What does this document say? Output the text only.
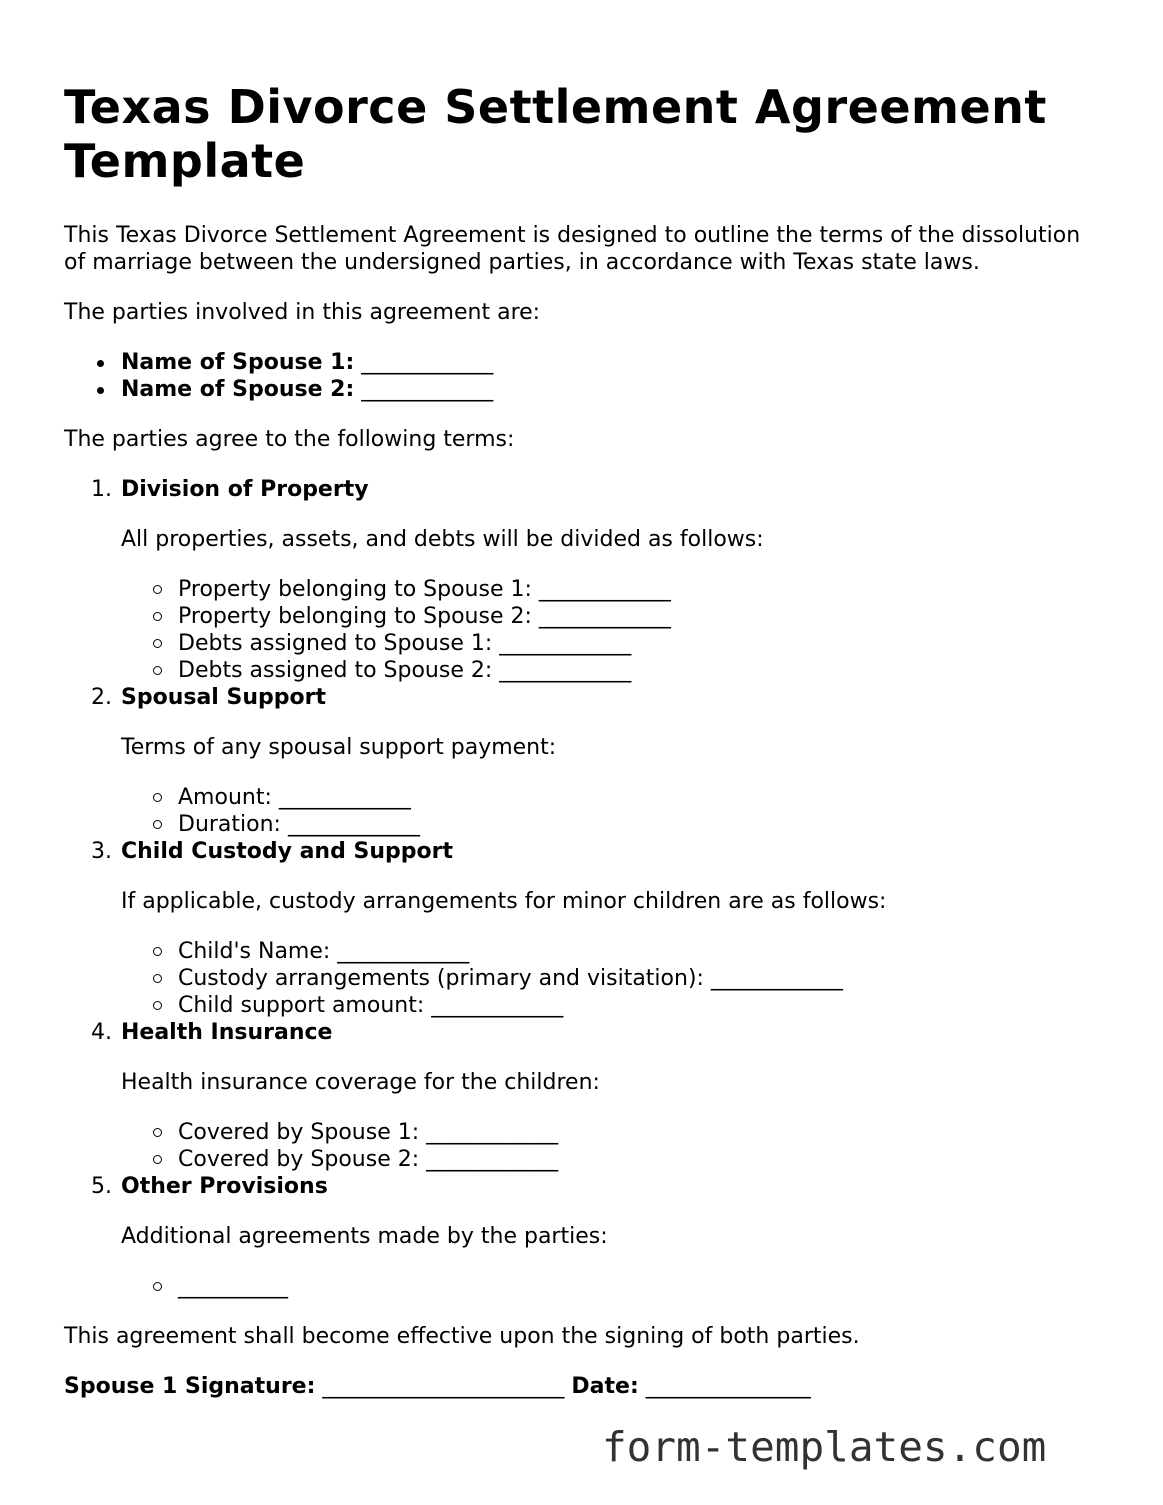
Texas Divorce Settlement Agreement Template

This Texas Divorce Settlement Agreement is designed to outline the terms of the dissolution of marriage between the undersigned parties, in accordance with Texas state laws.

The parties involved in this agreement are:

Name of Spouse 1: ____________
Name of Spouse 2: ____________

The parties agree to the following terms:

1. Division of Property

All properties, assets, and debts will be divided as follows:

Property belonging to Spouse 1: ____________
Property belonging to Spouse 2: ____________
Debts assigned to Spouse 1: ____________
Debts assigned to Spouse 2: ____________
2. Spousal Support

Terms of any spousal support payment:

Amount: ____________
Duration: ____________
3. Child Custody and Support

If applicable, custody arrangements for minor children are as follows:

Child's Name: ____________
Custody arrangements (primary and visitation): ____________
Child support amount: ____________
4. Health Insurance

Health insurance coverage for the children:

Covered by Spouse 1: ____________
Covered by Spouse 2: ____________
5. Other Provisions

Additional agreements made by the parties:

__________

This agreement shall become effective upon the signing of both parties.

Spouse 1 Signature: ______________________ Date: _______________
form-templates.com
